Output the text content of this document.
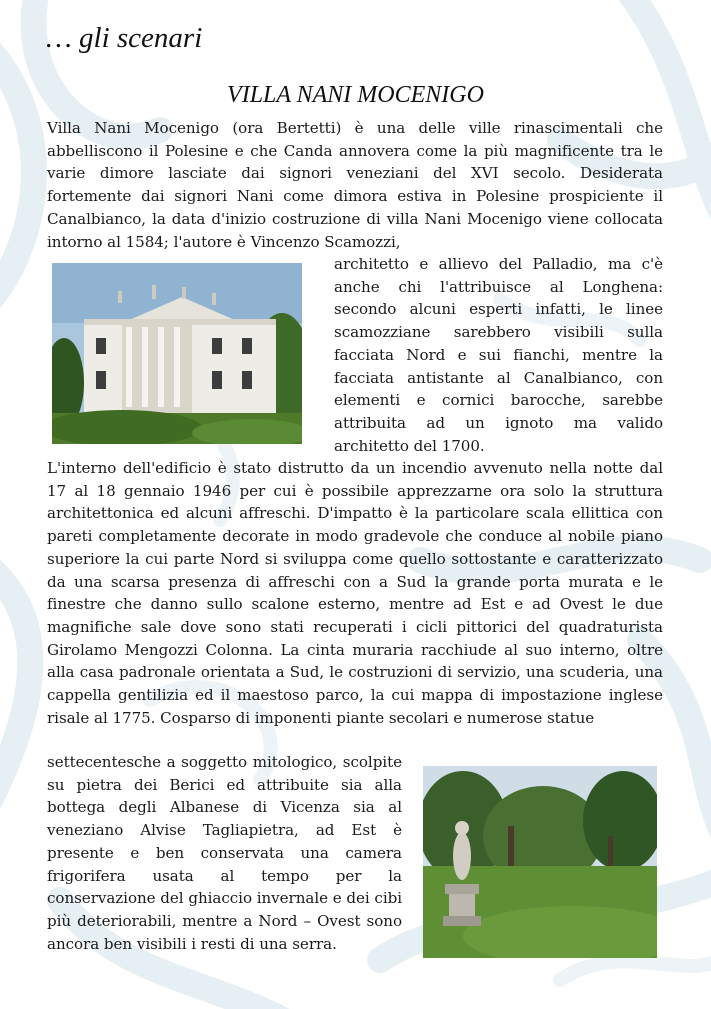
… gli scenari
VILLA NANI MOCENIGO

Villa Nani Mocenigo (ora Bertetti) è una delle ville rinascimentali che abbelliscono il Polesine e che Canda annovera come la più magnificente tra le varie dimore lasciate dai signori veneziani del XVI secolo. Desiderata fortemente dai signori Nani come dimora estiva in Polesine prospiciente il Canalbianco, la data d'inizio costruzione di villa Nani Mocenigo viene collocata intorno al 1584; l'autore è Vincenzo Scamozzi,

architetto e allievo del Palladio, ma c'è anche chi l'attribuisce al Longhena: secondo alcuni esperti infatti, le linee scamozziane sarebbero visibili sulla facciata Nord e sui fianchi, mentre la facciata antistante al Canalbianco, con elementi e cornici barocche, sarebbe attribuita ad un ignoto ma valido architetto del 1700.

L'interno dell'edificio è stato distrutto da un incendio avvenuto nella notte dal 17 al 18 gennaio 1946 per cui è possibile apprezzarne ora solo la struttura architettonica ed alcuni affreschi. D'impatto è la particolare scala ellittica con pareti completamente decorate in modo gradevole che conduce al nobile piano superiore la cui parte Nord si sviluppa come quello sottostante e caratterizzato da una scarsa presenza di affreschi con a Sud la grande porta murata e le finestre che danno sullo scalone esterno, mentre ad Est e ad Ovest le due magnifiche sale dove sono stati recuperati i cicli pittorici del quadraturista Girolamo Mengozzi Colonna. La cinta muraria racchiude al suo interno, oltre alla casa padronale orientata a Sud, le costruzioni di servizio, una scuderia, una cappella gentilizia ed il maestoso parco, la cui mappa di impostazione inglese risale al 1775. Cosparso di imponenti piante secolari e numerose statue

settecentesche a soggetto mitologico, scolpite su pietra dei Berici ed attribuite sia alla bottega degli Albanese di Vicenza sia al veneziano Alvise Tagliapietra, ad Est è presente e ben conservata una camera frigorifera usata al tempo per la conservazione del ghiaccio invernale e dei cibi più deteriorabili, mentre a Nord – Ovest sono ancora ben visibili i resti di una serra.
